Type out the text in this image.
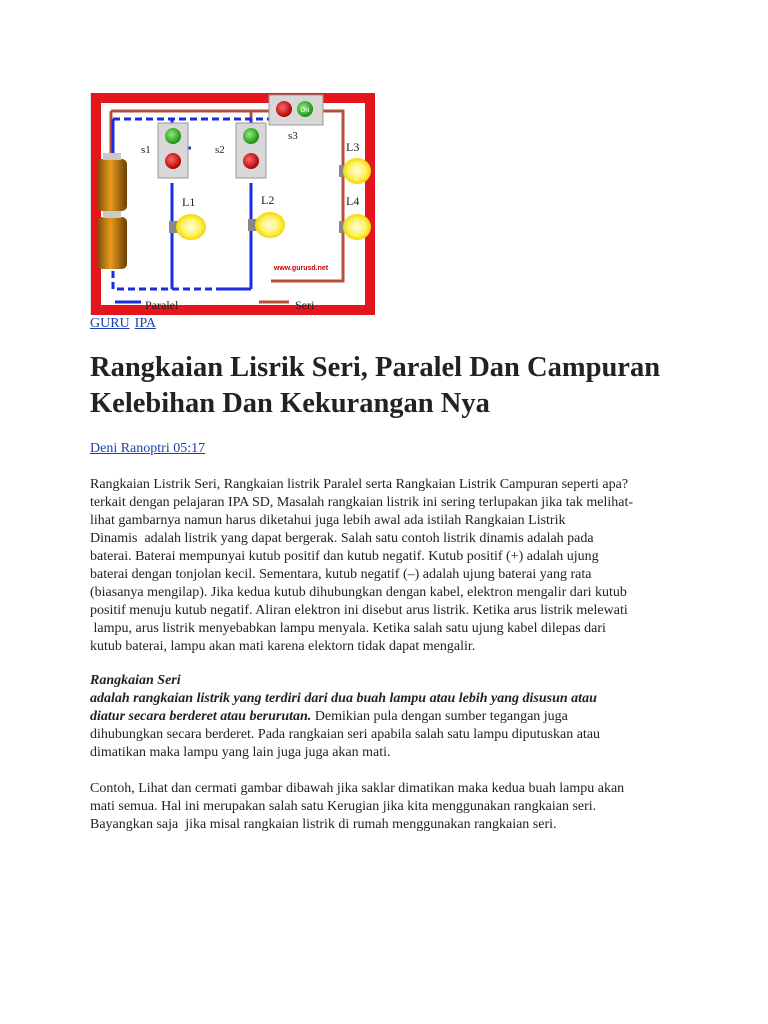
ON
s1	s2
s3
L1	L2
L3
L4
www.gurusd.net
Paralel	Seri
GURU IPA
Rangkaian Lisrik Seri, Paralel Dan Campuran Kelebihan Dan Kekurangan Nya
Deni Ranoptri 05:17
Rangkaian Listrik Seri, Rangkaian listrik Paralel serta Rangkaian Listrik Campuran seperti apa?
terkait dengan pelajaran IPA SD, Masalah rangkaian listrik ini sering terlupakan jika tak melihat-
lihat gambarnya namun harus diketahui juga lebih awal ada istilah Rangkaian Listrik
Dinamis  adalah listrik yang dapat bergerak. Salah satu contoh listrik dinamis adalah pada
baterai. Baterai mempunyai kutub positif dan kutub negatif. Kutub positif (+) adalah ujung
baterai dengan tonjolan kecil. Sementara, kutub negatif (–) adalah ujung baterai yang rata
(biasanya mengilap). Jika kedua kutub dihubungkan dengan kabel, elektron mengalir dari kutub
positif menuju kutub negatif. Aliran elektron ini disebut arus listrik. Ketika arus listrik melewati
lampu, arus listrik menyebabkan lampu menyala. Ketika salah satu ujung kabel dilepas dari
kutub baterai, lampu akan mati karena elektorn tidak dapat mengalir.
Rangkaian Seri
adalah rangkaian listrik yang terdiri dari dua buah lampu atau lebih yang disusun atau
diatur secara berderet atau berurutan. Demikian pula dengan sumber tegangan juga
dihubungkan secara berderet. Pada rangkaian seri apabila salah satu lampu diputuskan atau
dimatikan maka lampu yang lain juga juga akan mati.
Contoh, Lihat dan cermati gambar dibawah jika saklar dimatikan maka kedua buah lampu akan
mati semua. Hal ini merupakan salah satu Kerugian jika kita menggunakan rangkaian seri.
Bayangkan saja  jika misal rangkaian listrik di rumah menggunakan rangkaian seri.
